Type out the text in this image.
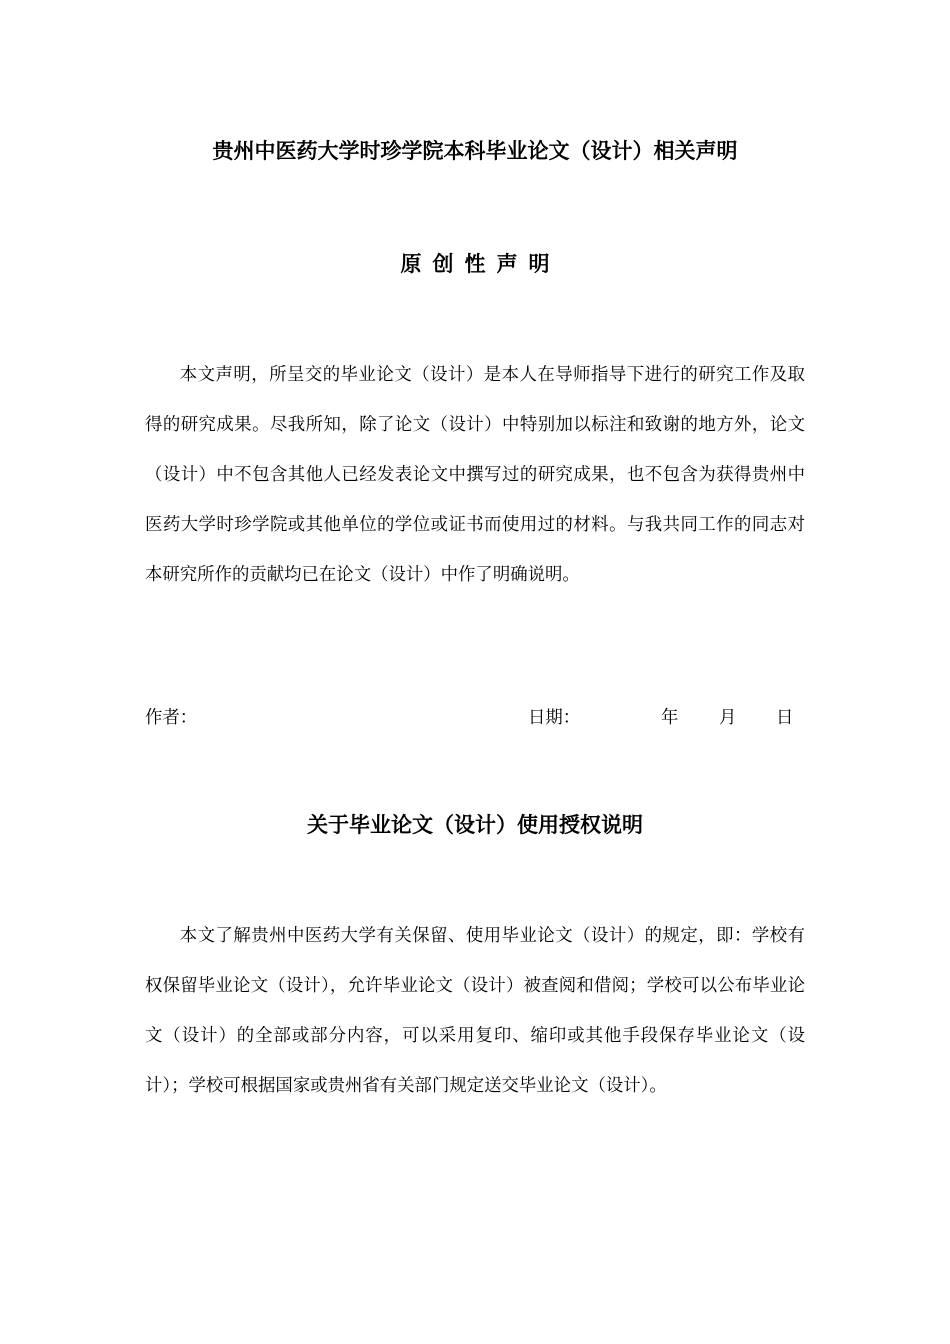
贵州中医药大学时珍学院本科毕业论文（设计）相关声明
原创性声明

本文声明，所呈交的毕业论文（设计）是本人在导师指导下进行的研究工作及取得的研究成果。尽我所知，除了论文（设计）中特别加以标注和致谢的地方外，论文（设计）中不包含其他人已经发表论文中撰写过的研究成果，也不包含为获得贵州中医药大学时珍学院或其他单位的学位或证书而使用过的材料。与我共同工作的同志对本研究所作的贡献均已在论文（设计）中作了明确说明。

作者：	日期：	年 月 日
关于毕业论文（设计）使用授权说明

本文了解贵州中医药大学有关保留、使用毕业论文（设计）的规定，即：学校有权保留毕业论文（设计），允许毕业论文（设计）被查阅和借阅；学校可以公布毕业论文（设计）的全部或部分内容，可以采用复印、缩印或其他手段保存毕业论文（设计）；学校可根据国家或贵州省有关部门规定送交毕业论文（设计）。
